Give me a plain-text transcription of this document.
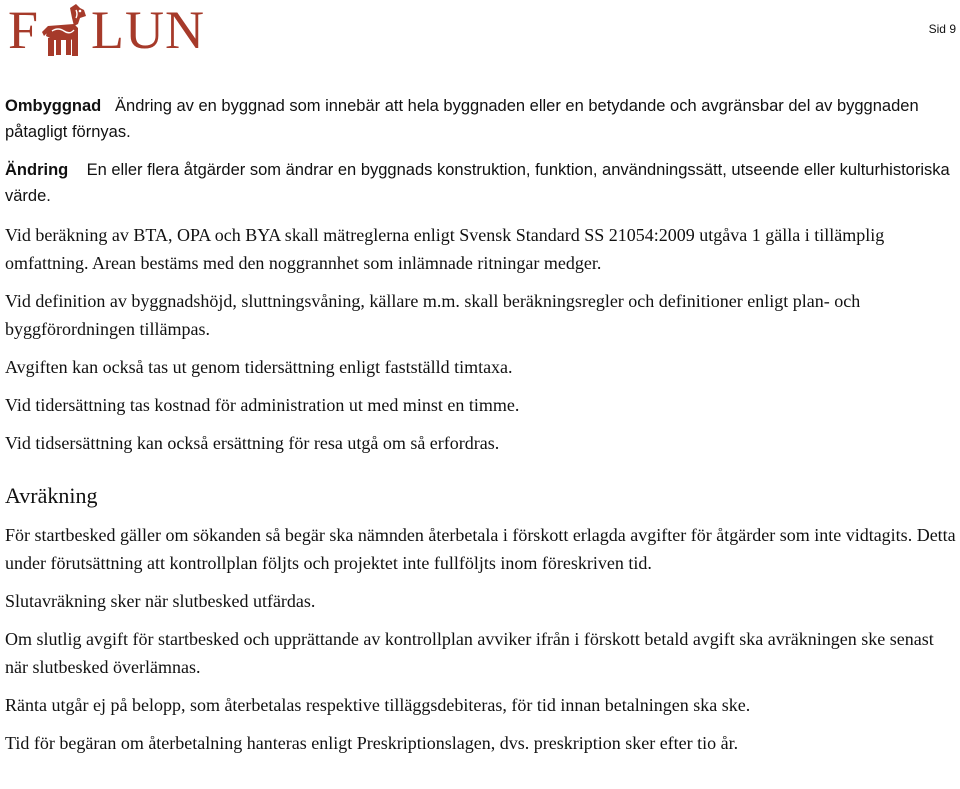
F LUN	Sid 9

Ombyggnad Ändring av en byggnad som innebär att hela byggnaden eller en betydande och avgränsbar del av byggnaden påtagligt förnyas.

Ändring En eller flera åtgärder som ändrar en byggnads konstruktion, funktion, användningssätt, utseende eller kulturhistoriska värde.

Vid beräkning av BTA, OPA och BYA skall mätreglerna enligt Svensk Standard SS 21054:2009 utgåva 1 gälla i tillämplig omfattning. Arean bestäms med den noggrannhet som inlämnade ritningar medger.

Vid definition av byggnadshöjd, sluttningsvåning, källare m.m. skall beräkningsregler och definitioner enligt plan- och byggförordningen tillämpas.

Avgiften kan också tas ut genom tidersättning enligt fastställd timtaxa.

Vid tidersättning tas kostnad för administration ut med minst en timme.

Vid tidsersättning kan också ersättning för resa utgå om så erfordras.

Avräkning

För startbesked gäller om sökanden så begär ska nämnden återbetala i förskott erlagda avgifter för åtgärder som inte vidtagits. Detta under förutsättning att kontrollplan följts och projektet inte fullföljts inom föreskriven tid.

Slutavräkning sker när slutbesked utfärdas.

Om slutlig avgift för startbesked och upprättande av kontrollplan avviker ifrån i förskott betald avgift ska avräkningen ske senast när slutbesked överlämnas.

Ränta utgår ej på belopp, som återbetalas respektive tilläggsdebiteras, för tid innan betalningen ska ske.

Tid för begäran om återbetalning hanteras enligt Preskriptionslagen, dvs. preskription sker efter tio år.
